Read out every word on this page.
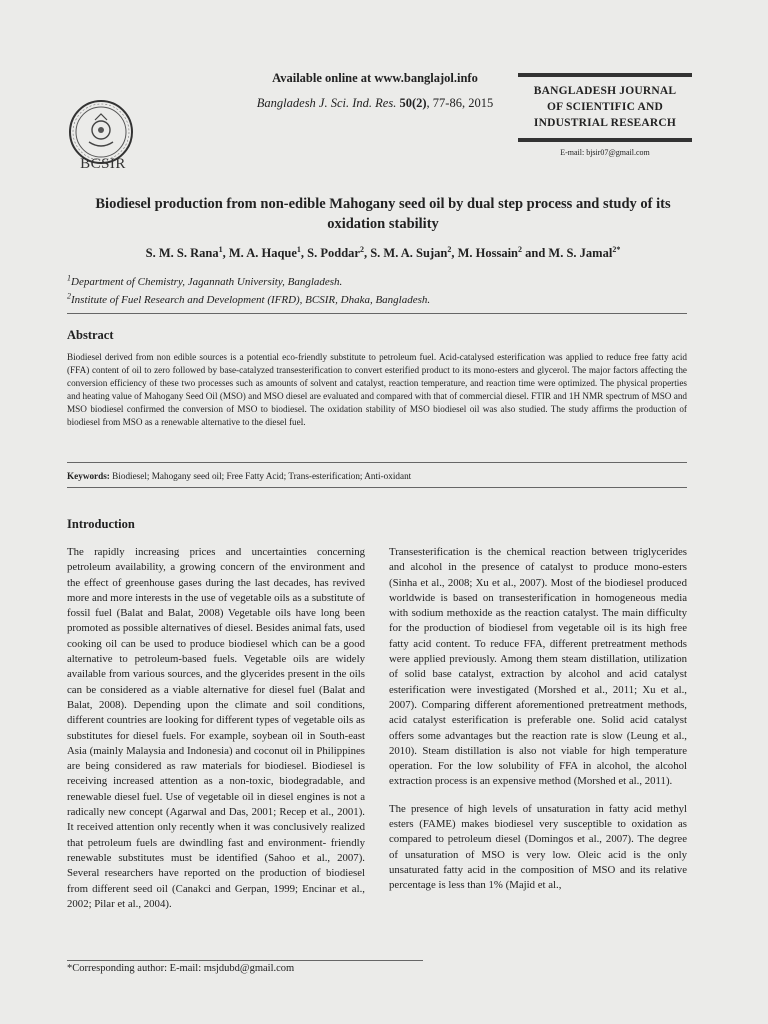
Available online at www.banglajol.info
Bangladesh J. Sci. Ind. Res. 50(2), 77-86, 2015
BCSIR
BANGLADESH JOURNAL
OF SCIENTIFIC AND
INDUSTRIAL RESEARCH
E-mail: bjsir07@gmail.com
Biodiesel production from non-edible Mahogany seed oil by dual step process and study of its oxidation stability
S. M. S. Rana$^1$, M. A. Haque$^1$, S. Poddar$^2$, S. M. A. Sujan$^2$, M. Hossain$^2$ and M. S. Jamal$^{2*}$
$^1$Department of Chemistry, Jagannath University, Bangladesh.
$^2$Institute of Fuel Research and Development (IFRD), BCSIR, Dhaka, Bangladesh.
Abstract
Biodiesel derived from non edible sources is a potential eco-friendly substitute to petroleum fuel. Acid-catalysed esterification was applied to reduce free fatty acid (FFA) content of oil to zero followed by base-catalyzed transesterification to convert esterified product to its mono-esters and glycerol. The major factors affecting the conversion efficiency of these two processes such as amounts of solvent and catalyst, reaction temperature, and reaction time were optimized. The physical properties and heating value of Mahogany Seed Oil (MSO) and MSO diesel are evaluated and compared with that of commercial diesel. FTIR and 1H NMR spectrum of MSO and MSO biodiesel confirmed the conversion of MSO to biodiesel. The oxidation stability of MSO biodiesel oil was also studied. The study affirms the production of biodiesel from MSO as a renewable alternative to the diesel fuel.
Keywords: Biodiesel; Mahogany seed oil; Free Fatty Acid; Trans-esterification; Anti-oxidant
Introduction

The rapidly increasing prices and uncertainties concerning petroleum availability, a growing concern of the environment and the effect of greenhouse gases during the last decades, has revived more and more interests in the use of vegetable oils as a substitute of fossil fuel (Balat and Balat, 2008) Vegetable oils have long been promoted as possible alternatives of diesel. Besides animal fats, used cooking oil can be used to produce biodiesel which can be a good alternative to petroleum-based fuels. Vegetable oils are widely available from various sources, and the glycerides present in the oils can be considered as a viable alternative for diesel fuel (Balat and Balat, 2008). Depending upon the climate and soil conditions, different countries are looking for different types of vegetable oils as substitutes for diesel fuels. For example, soybean oil in South-east Asia (mainly Malaysia and Indonesia) and coconut oil in Philippines are being considered as raw materials for biodiesel. Biodiesel is receiving increased attention as a non-toxic, biodegradable, and renewable diesel fuel. Use of vegetable oil in diesel engines is not a radically new concept (Agarwal and Das, 2001; Recep et al., 2001). It received attention only recently when it was conclusively realized that petroleum fuels are dwindling fast and environment- friendly renewable substitutes must be identified (Sahoo et al., 2007). Several researchers have reported on the production of biodiesel from different seed oil (Canakci and Gerpan, 1999; Encinar et al., 2002; Pilar et al., 2004).

Transesterification is the chemical reaction between triglycerides and alcohol in the presence of catalyst to produce mono-esters (Sinha et al., 2008; Xu et al., 2007). Most of the biodiesel produced worldwide is based on transesterification in homogeneous media with sodium methoxide as the reaction catalyst. The main difficulty for the production of biodiesel from vegetable oil is its high free fatty acid content. To reduce FFA, different pretreatment methods were applied previously. Among them steam distillation, utilization of solid base catalyst, extraction by alcohol and acid catalyst esterification were investigated (Morshed et al., 2011; Xu et al., 2007). Comparing different aforementioned pretreatment methods, acid catalyst esterification is preferable one. Solid acid catalyst offers some advantages but the reaction rate is slow (Leung et al., 2010). Steam distillation is also not viable for high temperature operation. For the low solubility of FFA in alcohol, the alcohol extraction process is an expensive method (Morshed et al., 2011).

The presence of high levels of unsaturation in fatty acid methyl esters (FAME) makes biodiesel very susceptible to oxidation as compared to petroleum diesel (Domingos et al., 2007). The degree of unsaturation of MSO is very low. Oleic acid is the only unsaturated fatty acid in the composition of MSO and its relative percentage is less than 1% (Majid et al.,

*Corresponding author: E-mail: msjdubd@gmail.com
